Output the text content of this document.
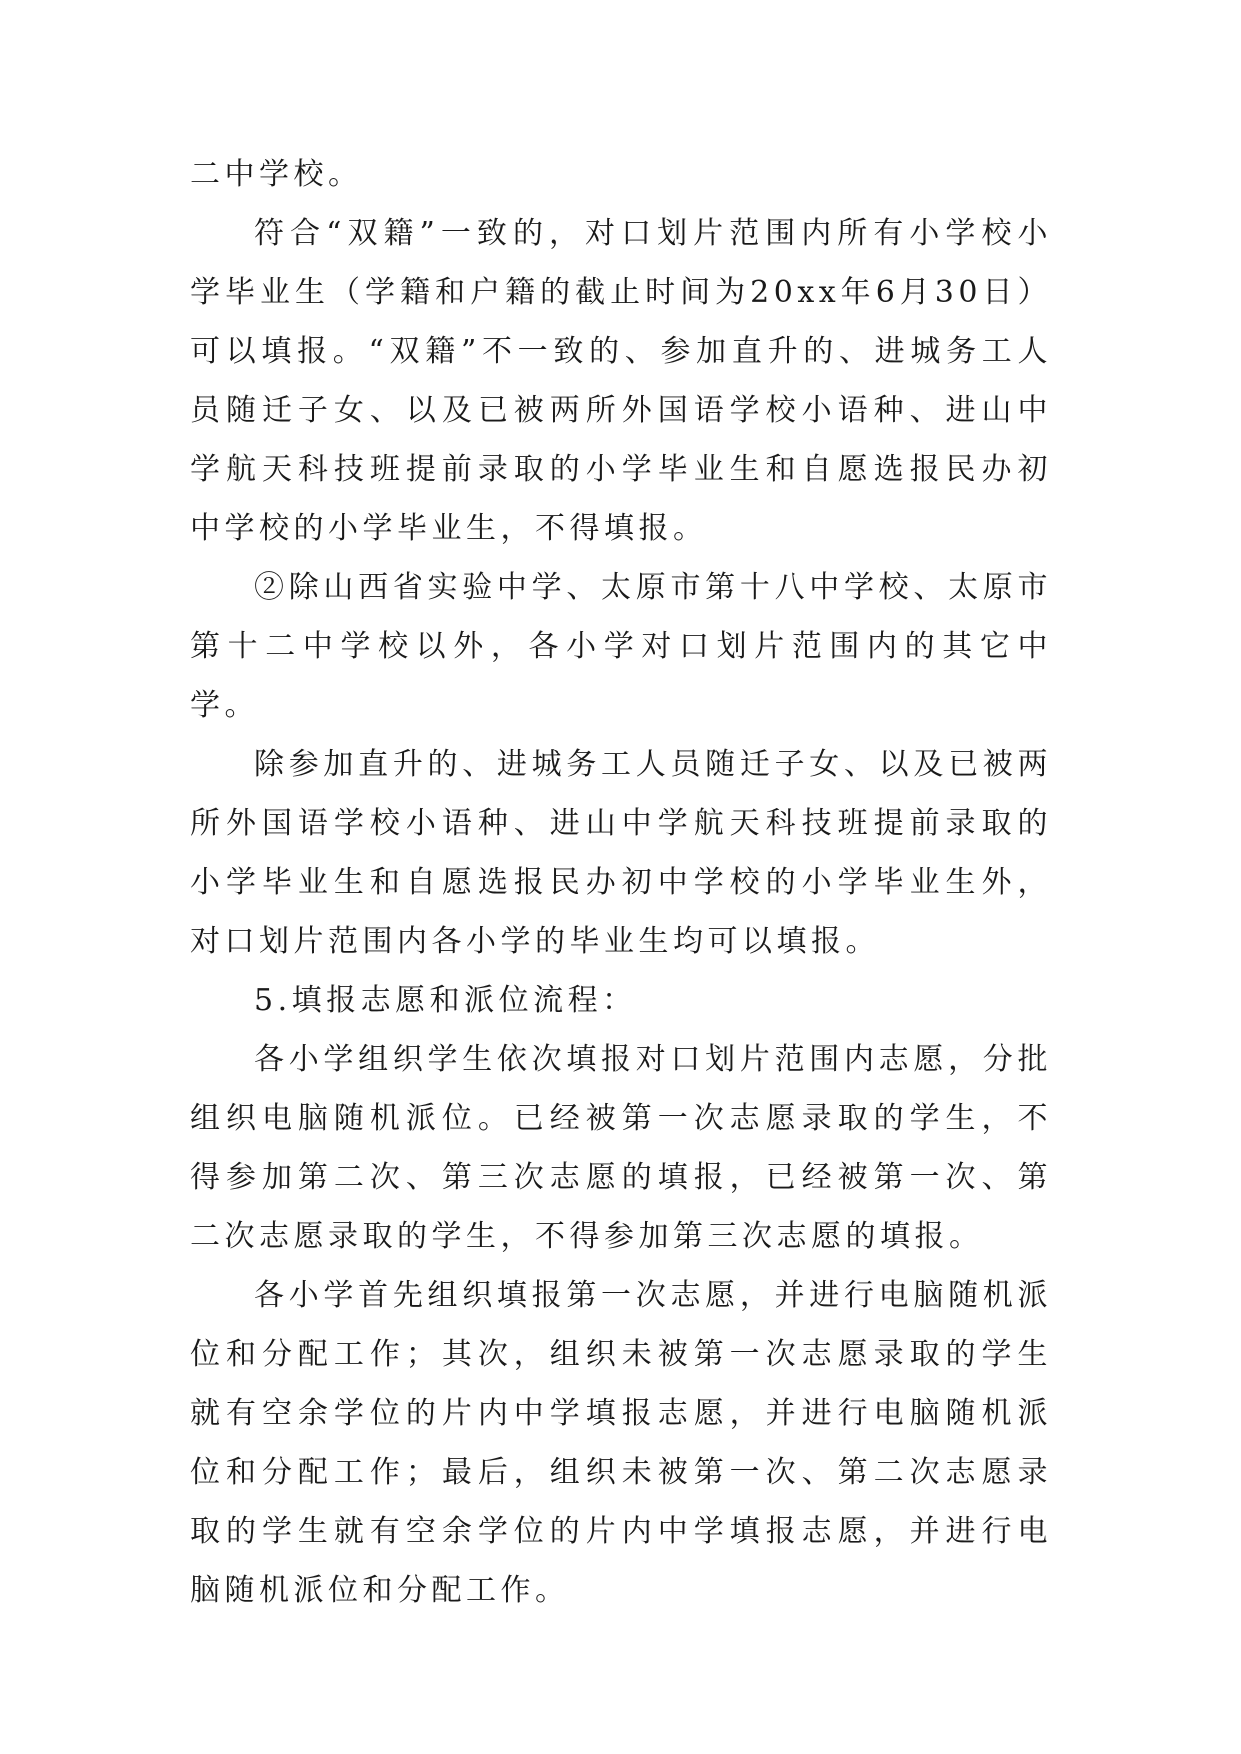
二中学校。

符合“双籍”一致的，对口划片范围内所有小学校小学毕业生（学籍和户籍的截止时间为20xx年6月30日）可以填报。“双籍”不一致的、参加直升的、进城务工人员随迁子女、以及已被两所外国语学校小语种、进山中学航天科技班提前录取的小学毕业生和自愿选报民办初中学校的小学毕业生，不得填报。

②除山西省实验中学、太原市第十八中学校、太原市第十二中学校以外，各小学对口划片范围内的其它中学。

除参加直升的、进城务工人员随迁子女、以及已被两所外国语学校小语种、进山中学航天科技班提前录取的小学毕业生和自愿选报民办初中学校的小学毕业生外，对口划片范围内各小学的毕业生均可以填报。

5.填报志愿和派位流程：

各小学组织学生依次填报对口划片范围内志愿，分批组织电脑随机派位。已经被第一次志愿录取的学生，不得参加第二次、第三次志愿的填报，已经被第一次、第二次志愿录取的学生，不得参加第三次志愿的填报。

各小学首先组织填报第一次志愿，并进行电脑随机派位和分配工作；其次，组织未被第一次志愿录取的学生就有空余学位的片内中学填报志愿，并进行电脑随机派位和分配工作；最后，组织未被第一次、第二次志愿录取的学生就有空余学位的片内中学填报志愿，并进行电脑随机派位和分配工作。
